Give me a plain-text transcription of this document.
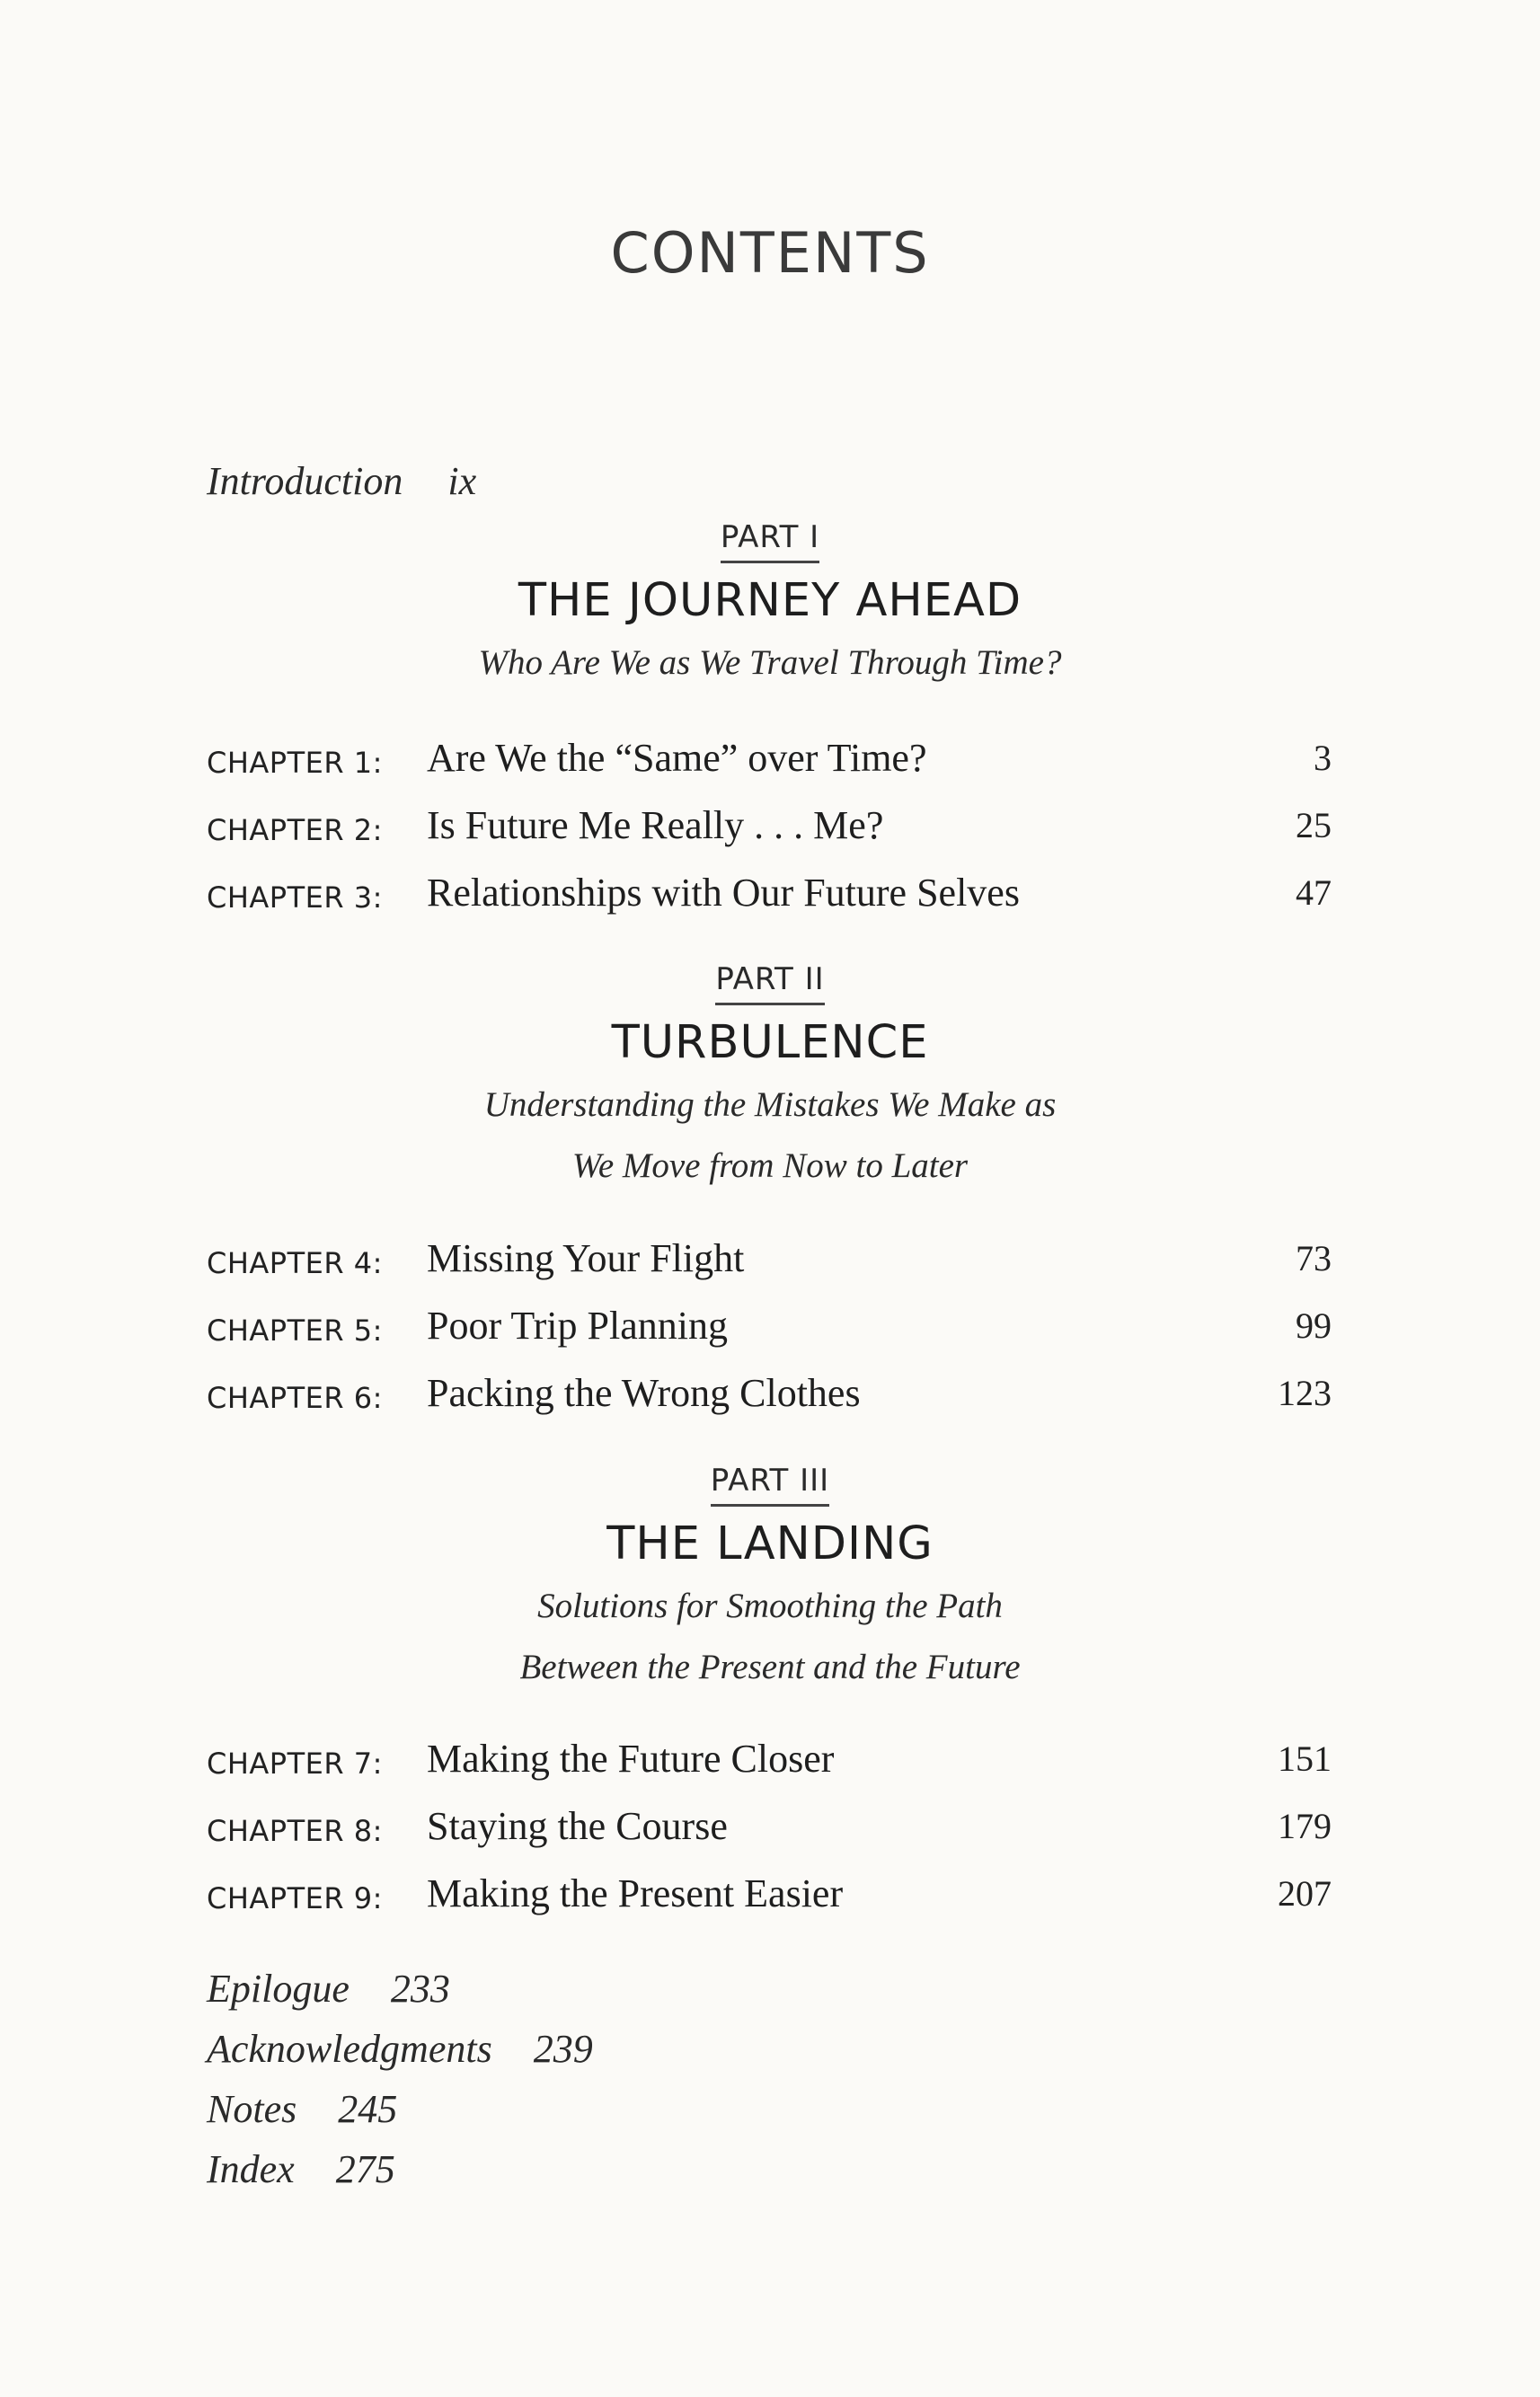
CONTENTS
Introduction ix
PART I
THE JOURNEY AHEAD
Who Are We as We Travel Through Time?
CHAPTER 1: Are We the “Same” over Time?	3
CHAPTER 2: Is Future Me Really . . . Me?	25
CHAPTER 3: Relationships with Our Future Selves	47
PART II
TURBULENCE
Understanding the Mistakes We Make as
We Move from Now to Later
CHAPTER 4: Missing Your Flight	73
CHAPTER 5: Poor Trip Planning	99
CHAPTER 6: Packing the Wrong Clothes	123
PART III
THE LANDING
Solutions for Smoothing the Path
Between the Present and the Future
CHAPTER 7: Making the Future Closer	151
CHAPTER 8: Staying the Course	179
CHAPTER 9: Making the Present Easier	207
Epilogue 233
Acknowledgments 239
Notes 245
Index 275
